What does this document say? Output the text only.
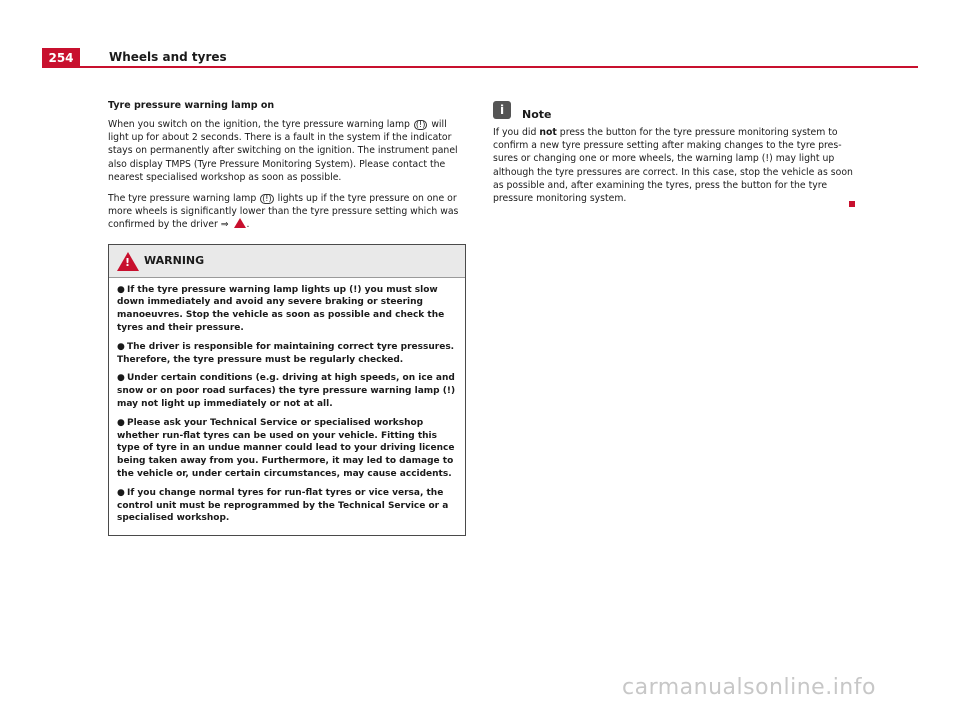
254	Wheels and tyres
Tyre pressure warning lamp on

When you switch on the ignition, the tyre pressure warning lamp (!) will light up for about 2 seconds. There is a fault in the system if the indicator stays on permanently after switching on the ignition. The instrument panel also display TMPS (Tyre Pressure Monitoring System). Please contact the nearest specialised workshop as soon as possible.

The tyre pressure warning lamp (!) lights up if the tyre pressure on one or more wheels is significantly lower than the tyre pressure setting which was confirmed by the driver ⇒ .

!
WARNING
● If the tyre pressure warning lamp lights up (!) you must slow down immediately and avoid any severe braking or steering manoeuvres. Stop the vehicle as soon as possible and check the tyres and their pressure.
● The driver is responsible for maintaining correct tyre pressures. Therefore, the tyre pressure must be regularly checked.
● Under certain conditions (e.g. driving at high speeds, on ice and snow or on poor road surfaces) the tyre pressure warning lamp (!) may not light up immediately or not at all.
● Please ask your Technical Service or specialised workshop whether run-flat tyres can be used on your vehicle. Fitting this type of tyre in an undue manner could lead to your driving licence being taken away from you. Furthermore, it may led to damage to the vehicle or, under certain circumstances, may cause accidents.
● If you change normal tyres for run-flat tyres or vice versa, the control unit must be reprogrammed by the Technical Service or a specialised workshop.
i	Note

If you did not press the button for the tyre pressure monitoring system to confirm a new tyre pressure setting after making changes to the tyre pres-sures or changing one or more wheels, the warning lamp (!) may light up although the tyre pressures are correct. In this case, stop the vehicle as soon as possible and, after examining the tyres, press the button for the tyre pressure monitoring system.

carmanualsonline.info
